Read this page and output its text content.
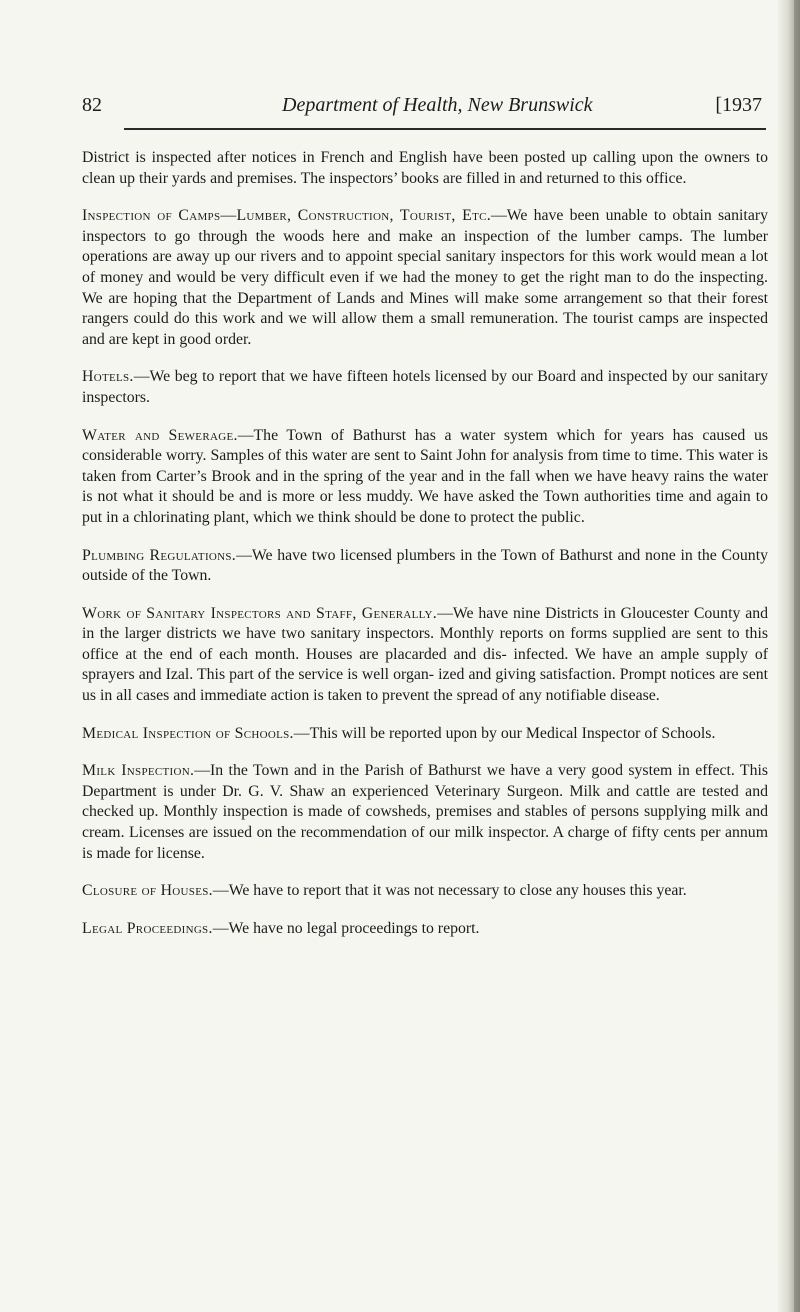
82	Department of Health, New Brunswick	[1937

District is inspected after notices in French and English have been posted up calling upon the owners to clean up their yards and premises. The inspectors’ books are filled in and returned to this office.

Inspection of Camps—Lumber, Construction, Tourist, Etc.—We have been unable to obtain sanitary inspectors to go through the woods here and make an inspection of the lumber camps. The lumber operations are away up our rivers and to appoint special sanitary inspectors for this work would mean a lot of money and would be very difficult even if we had the money to get the right man to do the inspecting. We are hoping that the Department of Lands and Mines will make some arrangement so that their forest rangers could do this work and we will allow them a small remuneration. The tourist camps are inspected and are kept in good order.

Hotels.—We beg to report that we have fifteen hotels licensed by our Board and inspected by our sanitary inspectors.

Water and Sewerage.—The Town of Bathurst has a water system which for years has caused us considerable worry. Samples of this water are sent to Saint John for analysis from time to time. This water is taken from Carter’s Brook and in the spring of the year and in the fall when we have heavy rains the water is not what it should be and is more or less muddy. We have asked the Town authorities time and again to put in a chlorinating plant, which we think should be done to protect the public.

Plumbing Regulations.—We have two licensed plumbers in the Town of Bathurst and none in the County outside of the Town.

Work of Sanitary Inspectors and Staff, Generally.—We have nine Districts in Gloucester County and in the larger districts we have two sanitary inspectors. Monthly reports on forms supplied are sent to this office at the end of each month. Houses are placarded and dis- infected. We have an ample supply of sprayers and Izal. This part of the service is well organ- ized and giving satisfaction. Prompt notices are sent us in all cases and immediate action is taken to prevent the spread of any notifiable disease.

Medical Inspection of Schools.—This will be reported upon by our Medical Inspector of Schools.

Milk Inspection.—In the Town and in the Parish of Bathurst we have a very good system in effect. This Department is under Dr. G. V. Shaw an experienced Veterinary Surgeon. Milk and cattle are tested and checked up. Monthly inspection is made of cowsheds, premises and stables of persons supplying milk and cream. Licenses are issued on the recommendation of our milk inspector. A charge of fifty cents per annum is made for license.

Closure of Houses.—We have to report that it was not necessary to close any houses this year.

Legal Proceedings.—We have no legal proceedings to report.
